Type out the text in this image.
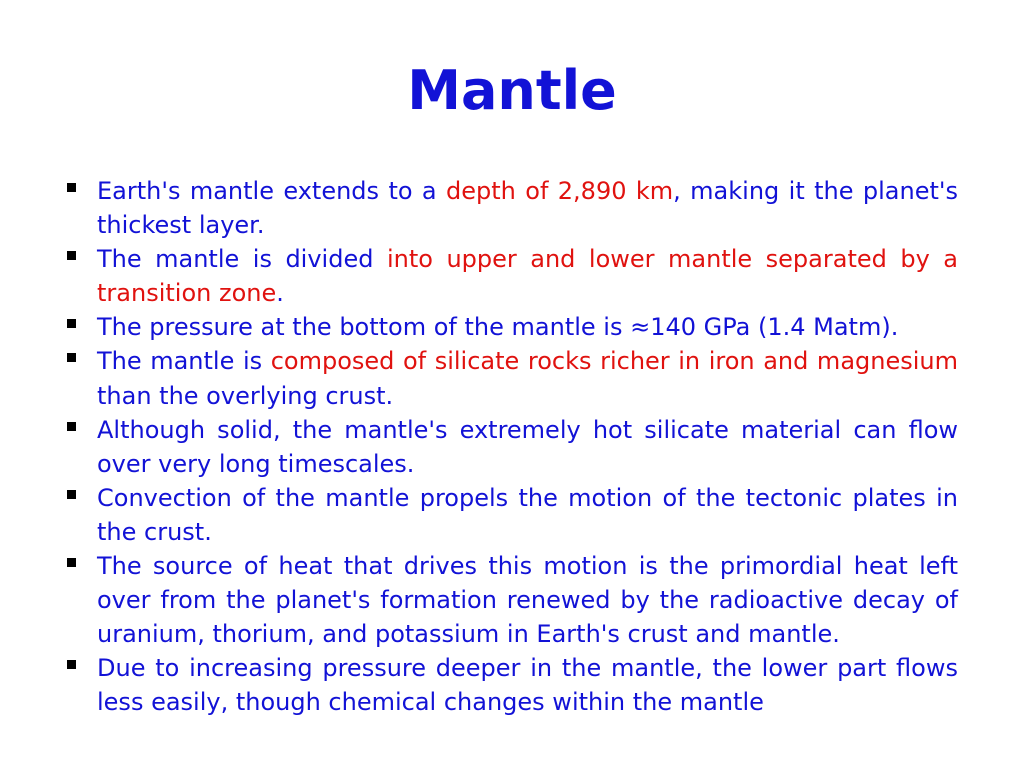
Mantle
Earth's mantle extends to a depth of 2,890 km, making it the planet's thickest layer.
The mantle is divided into upper and lower mantle separated by a transition zone.
The pressure at the bottom of the mantle is ≈140 GPa (1.4 Matm).
The mantle is composed of silicate rocks richer in iron and magnesium than the overlying crust.
Although solid, the mantle's extremely hot silicate material can flow over very long timescales.
Convection of the mantle propels the motion of the tectonic plates in the crust.
The source of heat that drives this motion is the primordial heat left over from the planet's formation renewed by the radioactive decay of uranium, thorium, and potassium in Earth's crust and mantle.
Due to increasing pressure deeper in the mantle, the lower part flows less easily, though chemical changes within the mantle
